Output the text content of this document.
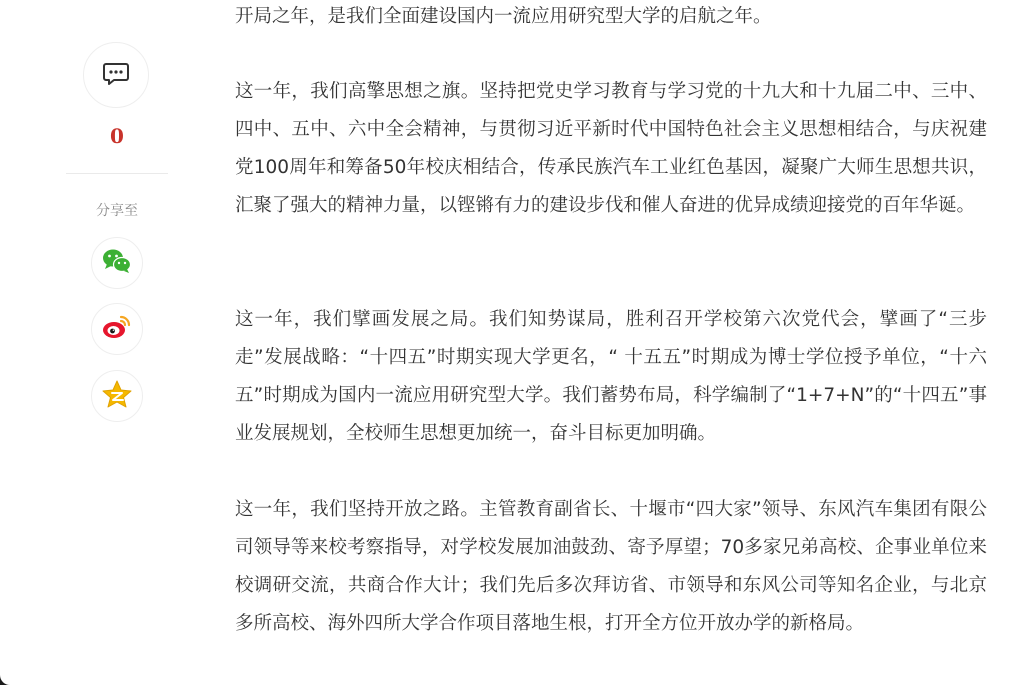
0
分享至

开局之年，是我们全面建设国内一流应用研究型大学的启航之年。

这一年，我们高擎思想之旗。坚持把党史学习教育与学习党的十九大和十九届二中、三中、四中、五中、六中全会精神，与贯彻习近平新时代中国特色社会主义思想相结合，与庆祝建党100周年和筹备50年校庆相结合，传承民族汽车工业红色基因，凝聚广大师生思想共识，汇聚了强大的精神力量，以铿锵有力的建设步伐和催人奋进的优异成绩迎接党的百年华诞。

这一年，我们擘画发展之局。我们知势谋局，胜利召开学校第六次党代会，擘画了“三步走”发展战略：“十四五”时期实现大学更名，“ 十五五”时期成为博士学位授予单位，“十六五”时期成为国内一流应用研究型大学。我们蓄势布局，科学编制了“1+7+N”的“十四五”事业发展规划，全校师生思想更加统一，奋斗目标更加明确。

这一年，我们坚持开放之路。主管教育副省长、十堰市“四大家”领导、东风汽车集团有限公司领导等来校考察指导，对学校发展加油鼓劲、寄予厚望；70多家兄弟高校、企事业单位来校调研交流，共商合作大计；我们先后多次拜访省、市领导和东风公司等知名企业，与北京多所高校、海外四所大学合作项目落地生根，打开全方位开放办学的新格局。
